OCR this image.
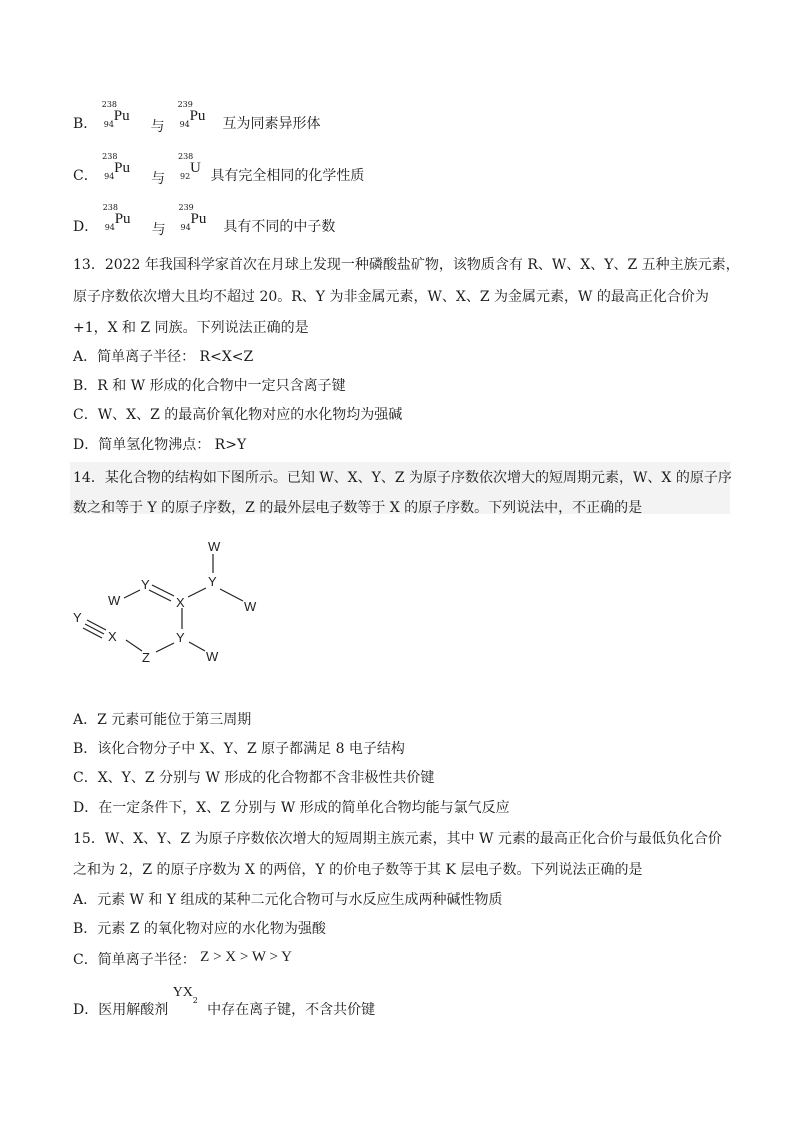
B．
238
94
Pu
与
239
94
Pu 互为同素异形体
C．
238
94
Pu
与
238
92
U 具有完全相同的化学性质
D．
238
94
Pu
与
239
94
Pu 具有不同的中子数
13．2022 年我国科学家首次在月球上发现一种磷酸盐矿物，该物质含有 R、W、X、Y、Z 五种主族元素，
原子序数依次增大且均不超过 20。R、Y 为非金属元素，W、X、Z 为金属元素，W 的最高正化合价为
+1，X 和 Z 同族。下列说法正确的是
A．简单离子半径： R<X<Z
B．R 和 W 形成的化合物中一定只含离子键
C．W、X、Z 的最高价氧化物对应的水化物均为强碱
D．简单氢化物沸点： R>Y
14．某化合物的结构如下图所示。已知 W、X、Y、Z 为原子序数依次增大的短周期元素，W、X 的原子序
数之和等于 Y 的原子序数，Z 的最外层电子数等于 X 的原子序数。下列说法中，不正确的是
W
Y
X
Y
W
W
Y
X
Z
Y
W
A．Z 元素可能位于第三周期
B．该化合物分子中 X、Y、Z 原子都满足 8 电子结构
C．X、Y、Z 分别与 W 形成的化合物都不含非极性共价键
D．在一定条件下，X、Z 分别与 W 形成的简单化合物均能与氯气反应
15．W、X、Y、Z 为原子序数依次增大的短周期主族元素，其中 W 元素的最高正化合价与最低负化合价
之和为 2，Z 的原子序数为 X 的两倍，Y 的价电子数等于其 K 层电子数。下列说法正确的是
A．元素 W 和 Y 组成的某种二元化合物可与水反应生成两种碱性物质
B．元素 Z 的氧化物对应的水化物为强酸
C．简单离子半径： Z > X > W > Y
D．医用解酸剂
YX
2
中存在离子键，不含共价键
